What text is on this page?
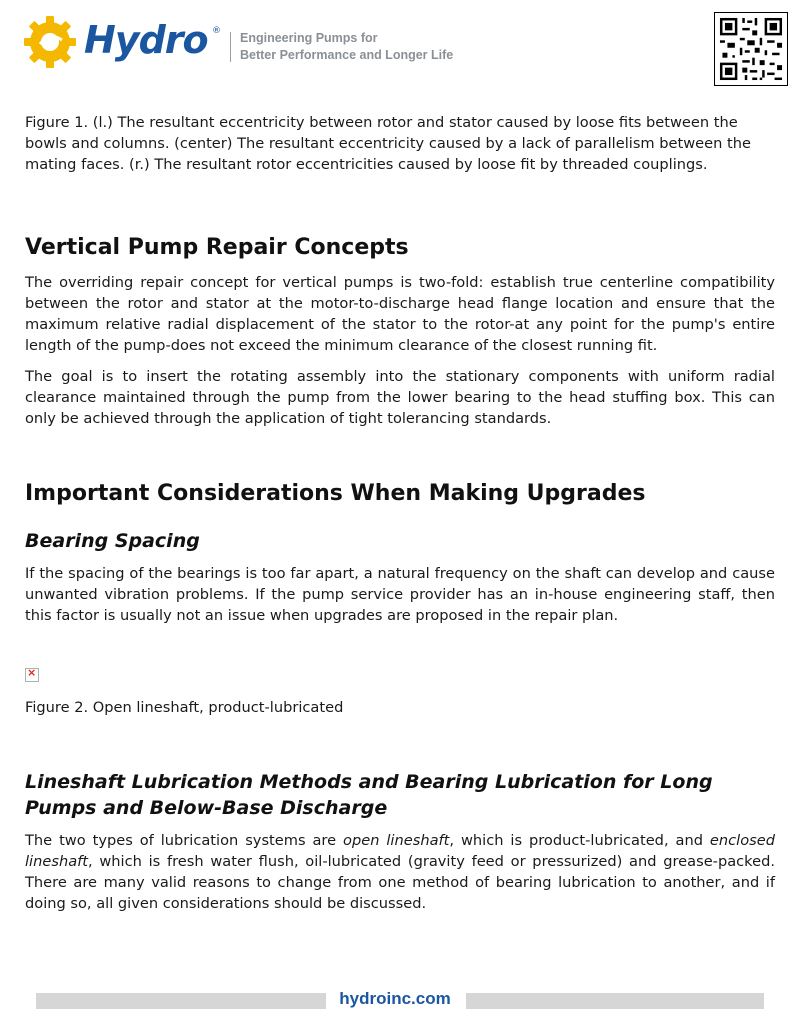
Hydro ® Engineering Pumps for
Better Performance and Longer Life
Figure 1. (l.) The resultant eccentricity between rotor and stator caused by loose fits between the bowls and columns. (center) The resultant eccentricity caused by a lack of parallelism between the mating faces. (r.) The resultant rotor eccentricities caused by loose fit by threaded couplings.
Vertical Pump Repair Concepts

The overriding repair concept for vertical pumps is two-fold: establish true centerline compatibility between the rotor and stator at the motor-to-discharge head flange location and ensure that the maximum relative radial displacement of the stator to the rotor-at any point for the pump's entire length of the pump-does not exceed the minimum clearance of the closest running fit.

The goal is to insert the rotating assembly into the stationary components with uniform radial clearance maintained through the pump from the lower bearing to the head stuffing box. This can only be achieved through the application of tight tolerancing standards.

Important Considerations When Making Upgrades
Bearing Spacing

If the spacing of the bearings is too far apart, a natural frequency on the shaft can develop and cause unwanted vibration problems. If the pump service provider has an in-house engineering staff, then this factor is usually not an issue when upgrades are proposed in the repair plan.

×
Figure 2. Open lineshaft, product-lubricated
Lineshaft Lubrication Methods and Bearing Lubrication for Long Pumps and Below-Base Discharge

The two types of lubrication systems are open lineshaft, which is product-lubricated, and enclosed lineshaft, which is fresh water flush, oil-lubricated (gravity feed or pressurized) and grease-packed. There are many valid reasons to change from one method of bearing lubrication to another, and if doing so, all given considerations should be discussed.

hydroinc.com
